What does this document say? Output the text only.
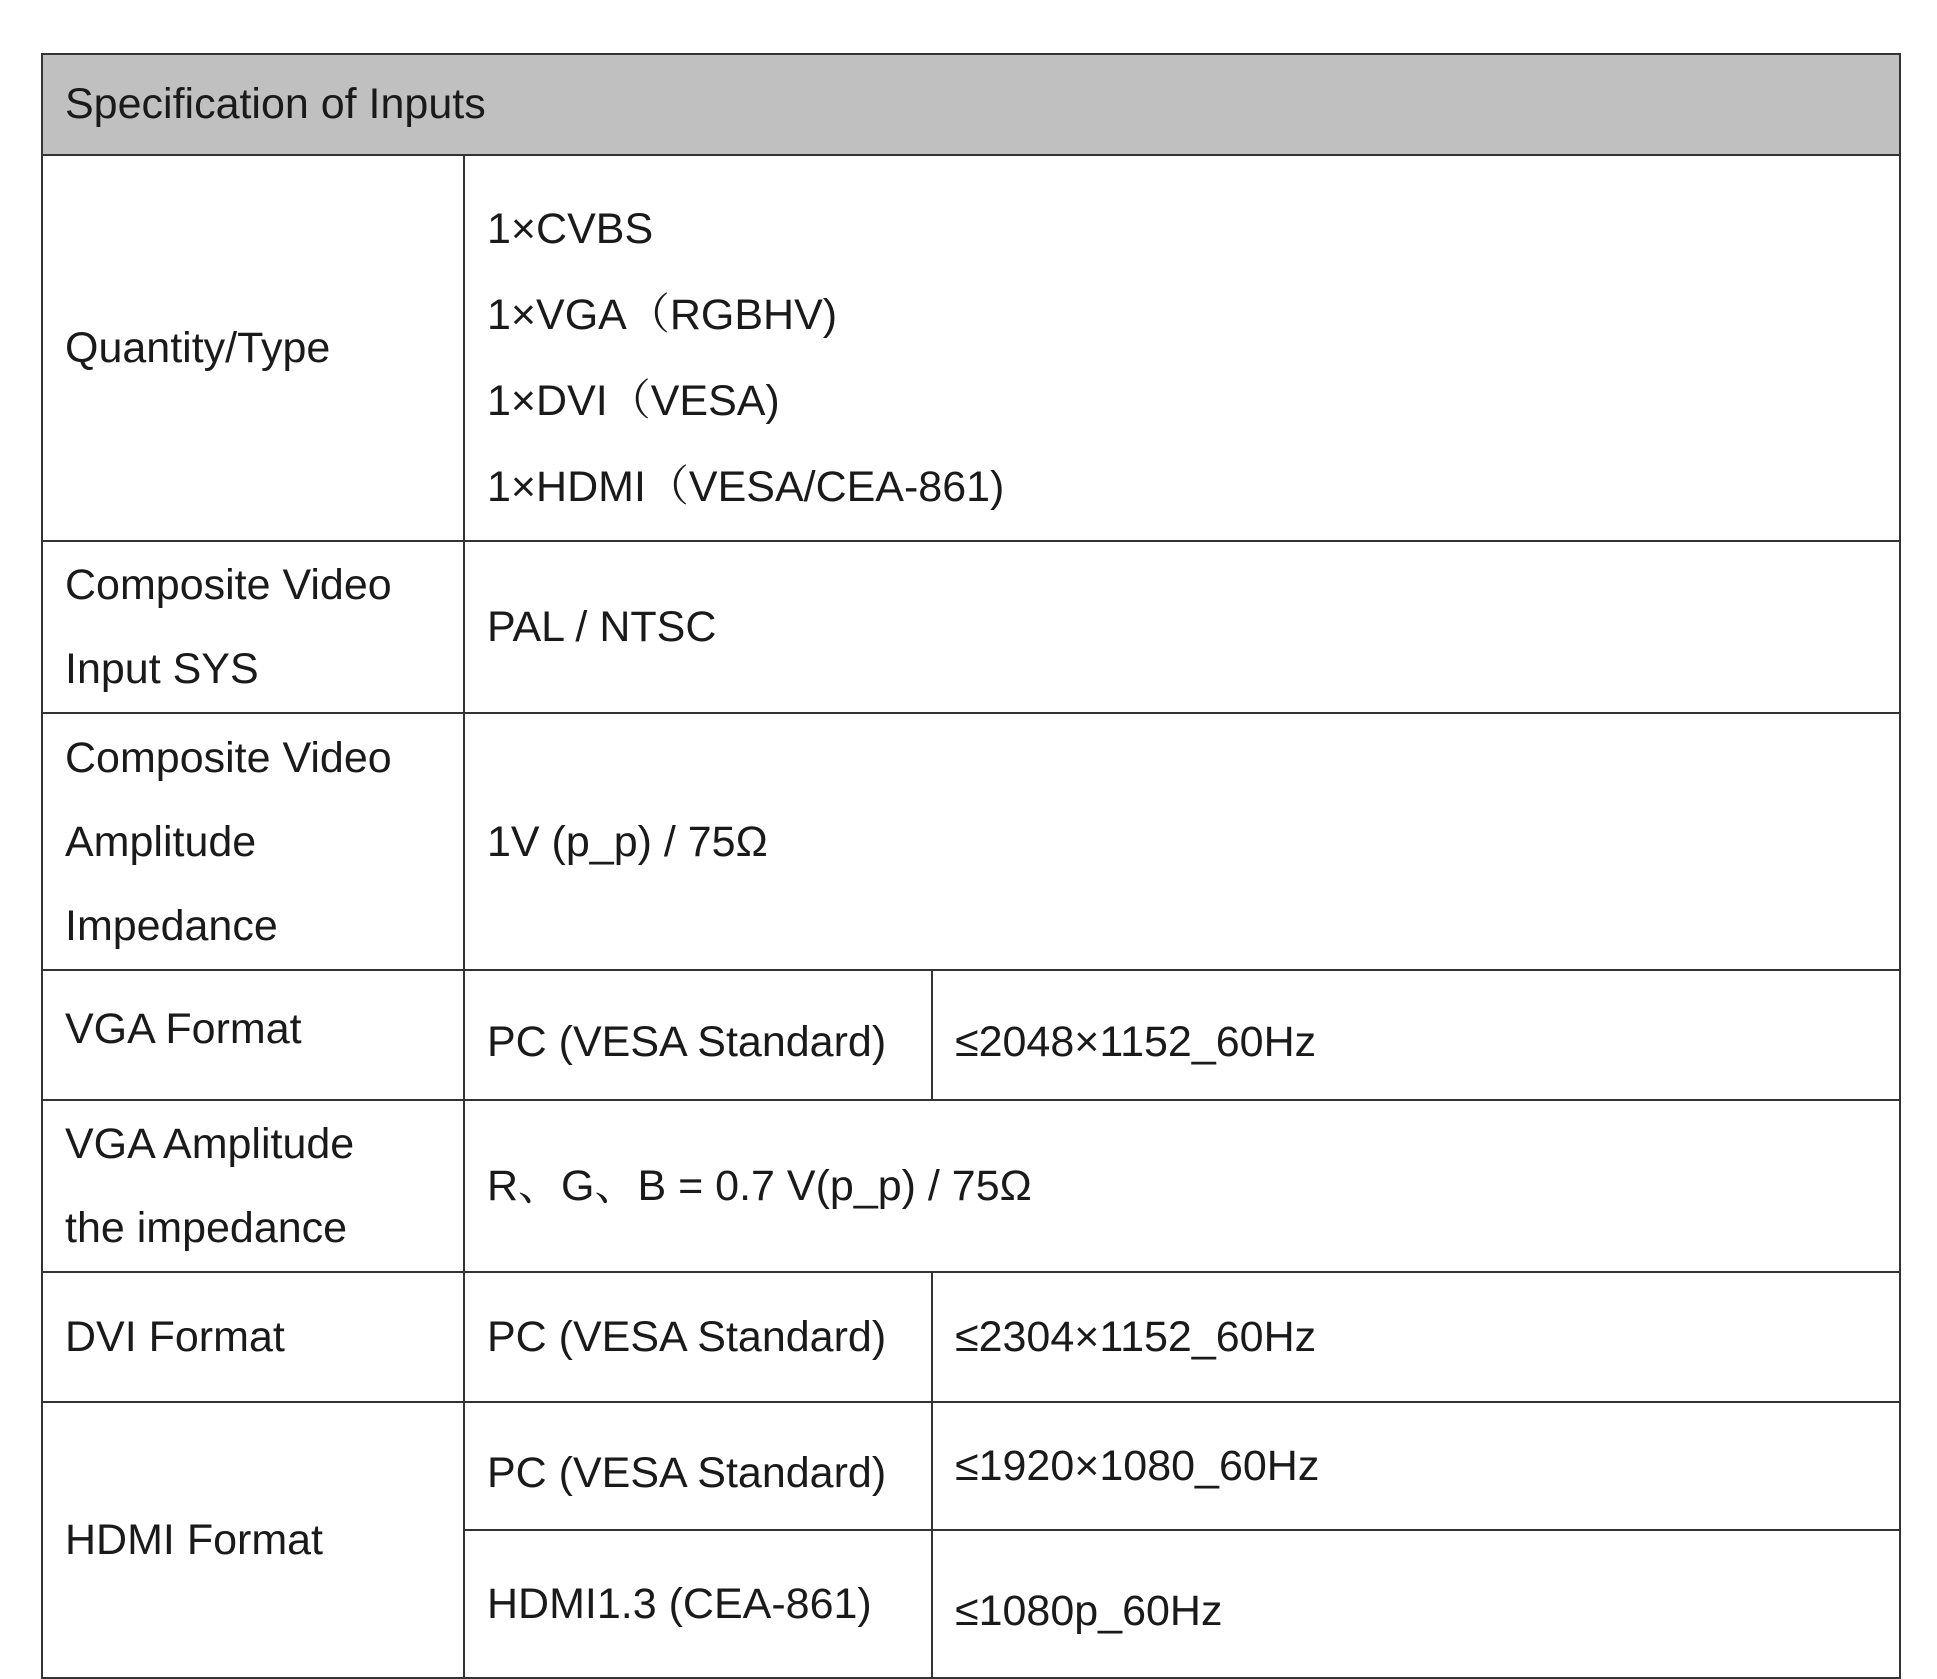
Specification of Inputs		
Quantity/Type	1×CVBS
1×VGA（RGBHV)
1×DVI（VESA)
1×HDMI（VESA/CEA-861)	

Composite Video
Input SYS	PAL / NTSC	

Composite Video
Amplitude
Impedance	1V (p_p) / 75Ω	
VGA Format	PC (VESA Standard)	≤2048×1152_60Hz

VGA Amplitude
the impedance	R、G、B = 0.7 V(p_p) / 75Ω	
DVI Format	PC (VESA Standard)	≤2304×1152_60Hz
HDMI Format	PC (VESA Standard)	≤1920×1080_60Hz
	HDMI1.3 (CEA-861)	≤1080p_60Hz
